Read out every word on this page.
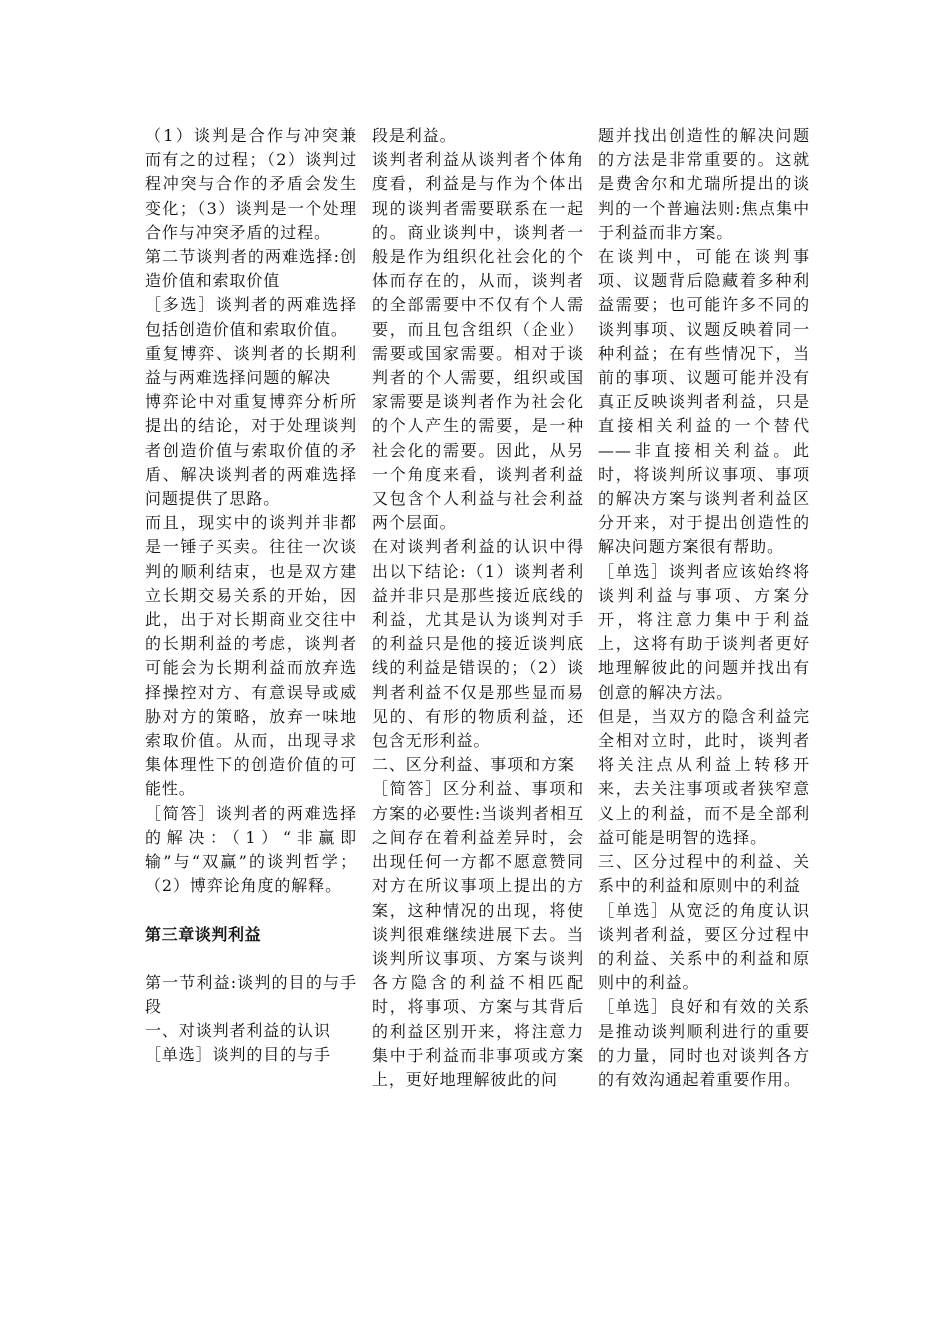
（1）谈判是合作与冲突兼而有之的过程；（2）谈判过程冲突与合作的矛盾会发生变化；（3）谈判是一个处理合作与冲突矛盾的过程。

第二节谈判者的两难选择:创造价值和索取价值

［多选］谈判者的两难选择包括创造价值和索取价值。

重复博弈、谈判者的长期利益与两难选择问题的解决

博弈论中对重复博弈分析所提出的结论，对于处理谈判者创造价值与索取价值的矛盾、解决谈判者的两难选择问题提供了思路。

而且，现实中的谈判并非都是一锤子买卖。往往一次谈判的顺利结束，也是双方建立长期交易关系的开始，因此，出于对长期商业交往中的长期利益的考虑，谈判者可能会为长期利益而放弃选择操控对方、有意误导或威胁对方的策略，放弃一味地索取价值。从而，出现寻求集体理性下的创造价值的可能性。

［简答］谈判者的两难选择的解决：（1）“非赢即输”与“双赢”的谈判哲学；（2）博弈论角度的解释。

第三章谈判利益

第一节利益:谈判的目的与手段

一、对谈判者利益的认识

［单选］谈判的目的与手

段是利益。

谈判者利益从谈判者个体角度看，利益是与作为个体出现的谈判者需要联系在一起的。商业谈判中，谈判者一般是作为组织化社会化的个体而存在的，从而，谈判者的全部需要中不仅有个人需要，而且包含组织（企业）需要或国家需要。相对于谈判者的个人需要，组织或国家需要是谈判者作为社会化的个人产生的需要，是一种社会化的需要。因此，从另一个角度来看，谈判者利益又包含个人利益与社会利益两个层面。

在对谈判者利益的认识中得出以下结论:（1）谈判者利益并非只是那些接近底线的利益，尤其是认为谈判对手的利益只是他的接近谈判底线的利益是错误的；（2）谈判者利益不仅是那些显而易见的、有形的物质利益，还包含无形利益。

二、区分利益、事项和方案

［简答］区分利益、事项和方案的必要性:当谈判者相互之间存在着利益差异时，会出现任何一方都不愿意赞同对方在所议事项上提出的方案，这种情况的出现，将使谈判很难继续进展下去。当谈判所议事项、方案与谈判各方隐含的利益不相匹配时，将事项、方案与其背后的利益区别开来，将注意力集中于利益而非事项或方案上，更好地理解彼此的问

题并找出创造性的解决问题的方法是非常重要的。这就是费舍尔和尤瑞所提出的谈判的一个普遍法则:焦点集中于利益而非方案。

在谈判中，可能在谈判事项、议题背后隐藏着多种利益需要；也可能许多不同的谈判事项、议题反映着同一种利益；在有些情况下，当前的事项、议题可能并没有真正反映谈判者利益，只是直接相关利益的一个替代——非直接相关利益。此时，将谈判所议事项、事项的解决方案与谈判者利益区分开来，对于提出创造性的解决问题方案很有帮助。

［单选］谈判者应该始终将谈判利益与事项、方案分开，将注意力集中于利益上，这将有助于谈判者更好地理解彼此的问题并找出有创意的解决方法。

但是，当双方的隐含利益完全相对立时，此时，谈判者将关注点从利益上转移开来，去关注事项或者狭窄意义上的利益，而不是全部利益可能是明智的选择。

三、区分过程中的利益、关系中的利益和原则中的利益

［单选］从宽泛的角度认识谈判者利益，要区分过程中的利益、关系中的利益和原则中的利益。

［单选］良好和有效的关系是推动谈判顺利进行的重要的力量，同时也对谈判各方的有效沟通起着重要作用。
